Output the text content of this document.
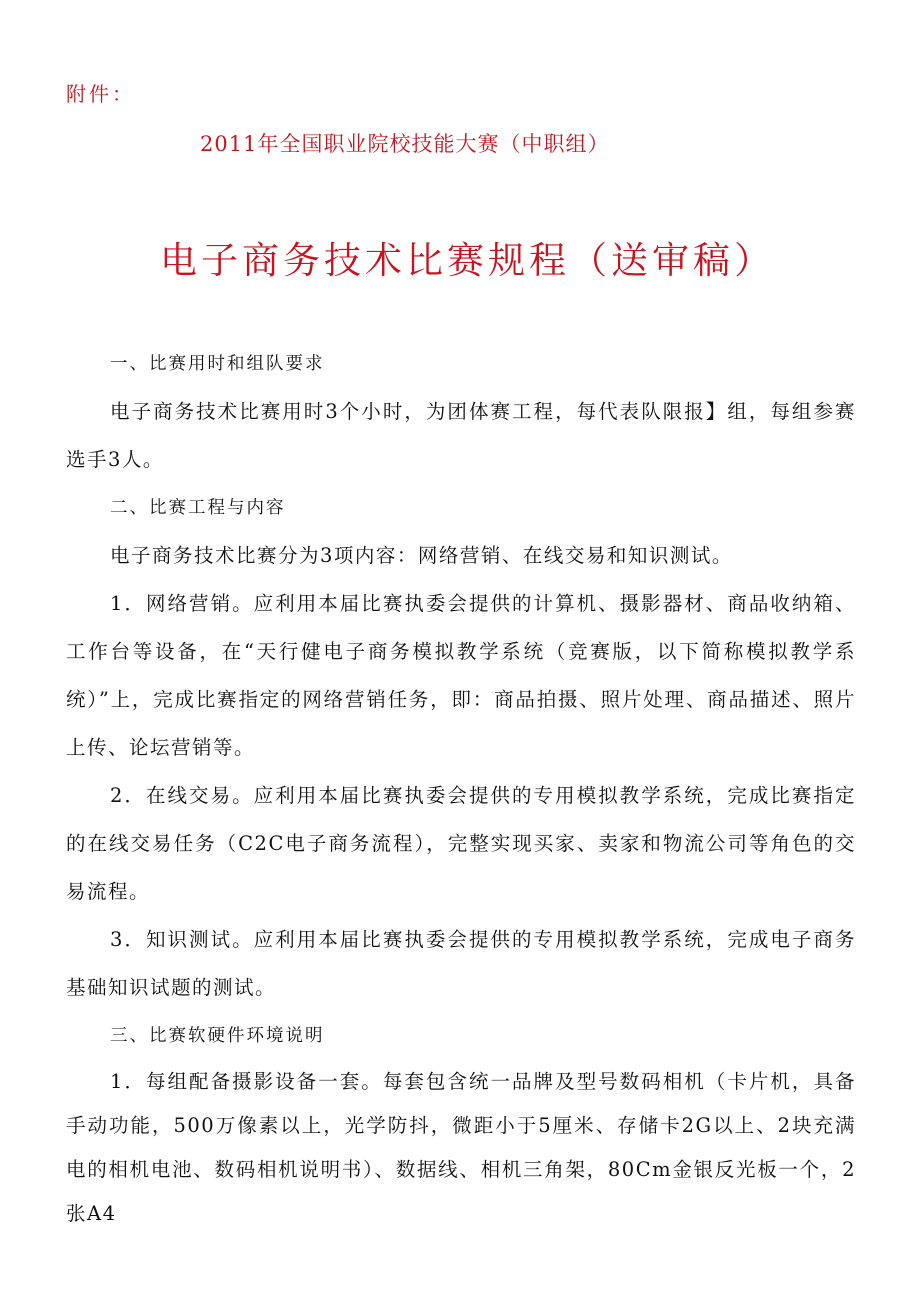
附件：
2011年全国职业院校技能大赛（中职组）
电子商务技术比赛规程（送审稿）

一、比赛用时和组队要求

电子商务技术比赛用时3个小时，为团体赛工程，每代表队限报】组，每组参赛选手3人。

二、比赛工程与内容

电子商务技术比赛分为3项内容：网络营销、在线交易和知识测试。

1．网络营销。应利用本届比赛执委会提供的计算机、摄影器材、商品收纳箱、工作台等设备，在“天行健电子商务模拟教学系统（竞赛版，以下简称模拟教学系统）”上，完成比赛指定的网络营销任务，即：商品拍摄、照片处理、商品描述、照片上传、论坛营销等。

2．在线交易。应利用本届比赛执委会提供的专用模拟教学系统，完成比赛指定的在线交易任务（C2C电子商务流程），完整实现买家、卖家和物流公司等角色的交易流程。

3．知识测试。应利用本届比赛执委会提供的专用模拟教学系统，完成电子商务基础知识试题的测试。

三、比赛软硬件环境说明

1．每组配备摄影设备一套。每套包含统一品牌及型号数码相机（卡片机，具备手动功能，500万像素以上，光学防抖，微距小于5厘米、存储卡2G以上、2块充满电的相机电池、数码相机说明书）、数据线、相机三角架，80Cm金银反光板一个，2张A4
